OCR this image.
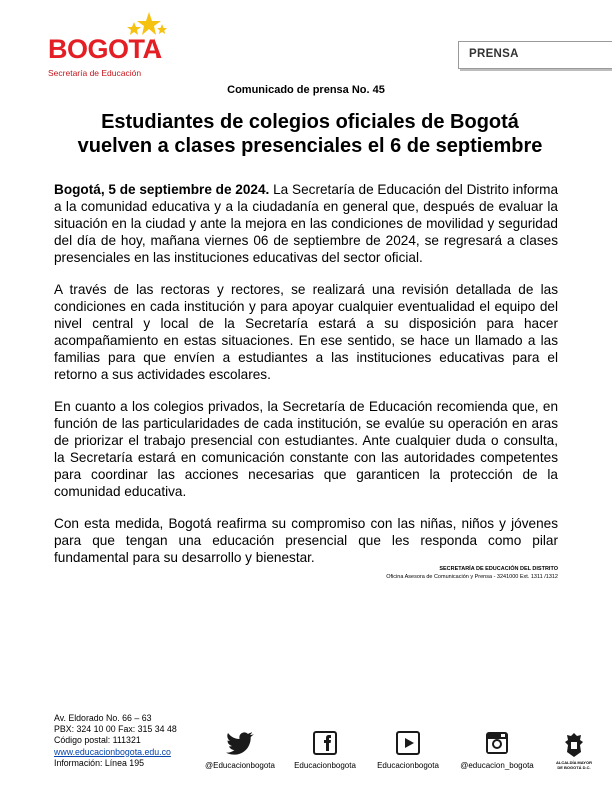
BOGOTA
Secretaría de Educación
PRENSA
Comunicado de prensa No. 45
Estudiantes de colegios oficiales de Bogotá
vuelven a clases presenciales el 6 de septiembre

Bogotá, 5 de septiembre de 2024. La Secretaría de Educación del Distrito informa a la comunidad educativa y a la ciudadanía en general que, después de evaluar la situación en la ciudad y ante la mejora en las condiciones de movilidad y seguridad del día de hoy, mañana viernes 06 de septiembre de 2024, se regresará a clases presenciales en las instituciones educativas del sector oficial.

A través de las rectoras y rectores, se realizará una revisión detallada de las condiciones en cada institución y para apoyar cualquier eventualidad el equipo del nivel central y local de la Secretaría estará a su disposición para hacer acompañamiento en estas situaciones. En ese sentido, se hace un llamado a las familias para que envíen a estudiantes a las instituciones educativas para el retorno a sus actividades escolares.

En cuanto a los colegios privados, la Secretaría de Educación recomienda que, en función de las particularidades de cada institución, se evalúe su operación en aras de priorizar el trabajo presencial con estudiantes. Ante cualquier duda o consulta, la Secretaría estará en comunicación constante con las autoridades competentes para coordinar las acciones necesarias que garanticen la protección de la comunidad educativa.

Con esta medida, Bogotá reafirma su compromiso con las niñas, niños y jóvenes para que tengan una educación presencial que les responda como pilar fundamental para su desarrollo y bienestar.

SECRETARÍA DE EDUCACIÓN DEL DISTRITO
Oficina Asesora de Comunicación y Prensa - 3241000 Ext. 1311 /1312
Av. Eldorado No. 66 – 63
PBX: 324 10 00 Fax: 315 34 48
Código postal: 111321
www.educacionbogota.edu.co
Información: Línea 195	@Educacionbogota	Educacionbogota	Educacionbogota	@educacion_bogota	ALCALDÍA MAYOR DE BOGOTÁ D.C.
